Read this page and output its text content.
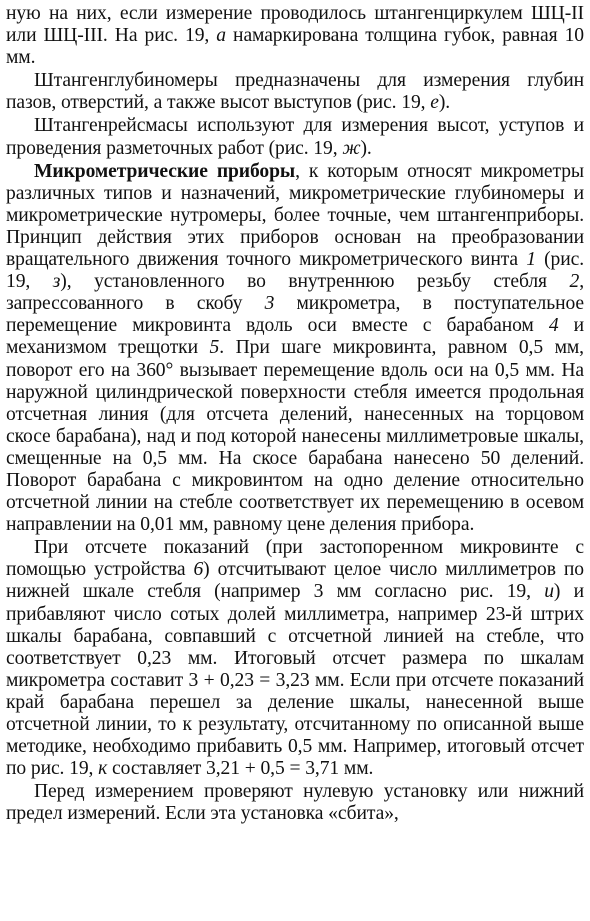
ную на них, если измерение проводилось штангенциркулем ШЦ-II или ШЦ-III. На рис. 19, а намаркирована толщина губок, равная 10 мм.

Штангенглубиномеры предназначены для измерения глубин пазов, отверстий, а также высот выступов (рис. 19, е).

Штангенрейсмасы используют для измерения высот, уступов и проведения разметочных работ (рис. 19, ж).

Микрометрические приборы, к которым относят микрометры различных типов и назначений, микрометрические глубиномеры и микрометрические нутромеры, более точные, чем штангенприборы. Принцип действия этих приборов основан на преобразовании вращательного движения точного микрометрического винта 1 (рис. 19, з), установленного во внутреннюю резьбу стебля 2, запрессованного в скобу 3 микрометра, в поступательное перемещение микровинта вдоль оси вместе с барабаном 4 и механизмом трещотки 5. При шаге микровинта, равном 0,5 мм, поворот его на 360° вызывает перемещение вдоль оси на 0,5 мм. На наружной цилиндрической поверхности стебля имеется продольная отсчетная линия (для отсчета делений, нанесенных на торцовом скосе барабана), над и под которой нанесены миллиметровые шкалы, смещенные на 0,5 мм. На скосе барабана нанесено 50 делений. Поворот барабана с микровинтом на одно деление относительно отсчетной линии на стебле соответствует их перемещению в осевом направлении на 0,01 мм, равному цене деления прибора.

При отсчете показаний (при застопоренном микровинте с помощью устройства 6) отсчитывают целое число миллиметров по нижней шкале стебля (например 3 мм согласно рис. 19, и) и прибавляют число сотых долей миллиметра, например 23-й штрих шкалы барабана, совпавший с отсчетной линией на стебле, что соответствует 0,23 мм. Итоговый отсчет размера по шкалам микрометра составит 3 + 0,23 = 3,23 мм. Если при отсчете показаний край барабана перешел за деление шкалы, нанесенной выше отсчетной линии, то к результату, отсчитанному по описанной выше методике, необходимо прибавить 0,5 мм. Например, итоговый отсчет по рис. 19, к составляет 3,21 + 0,5 = 3,71 мм.

Перед измерением проверяют нулевую установку или нижний предел измерений. Если эта установка «сбита»,
